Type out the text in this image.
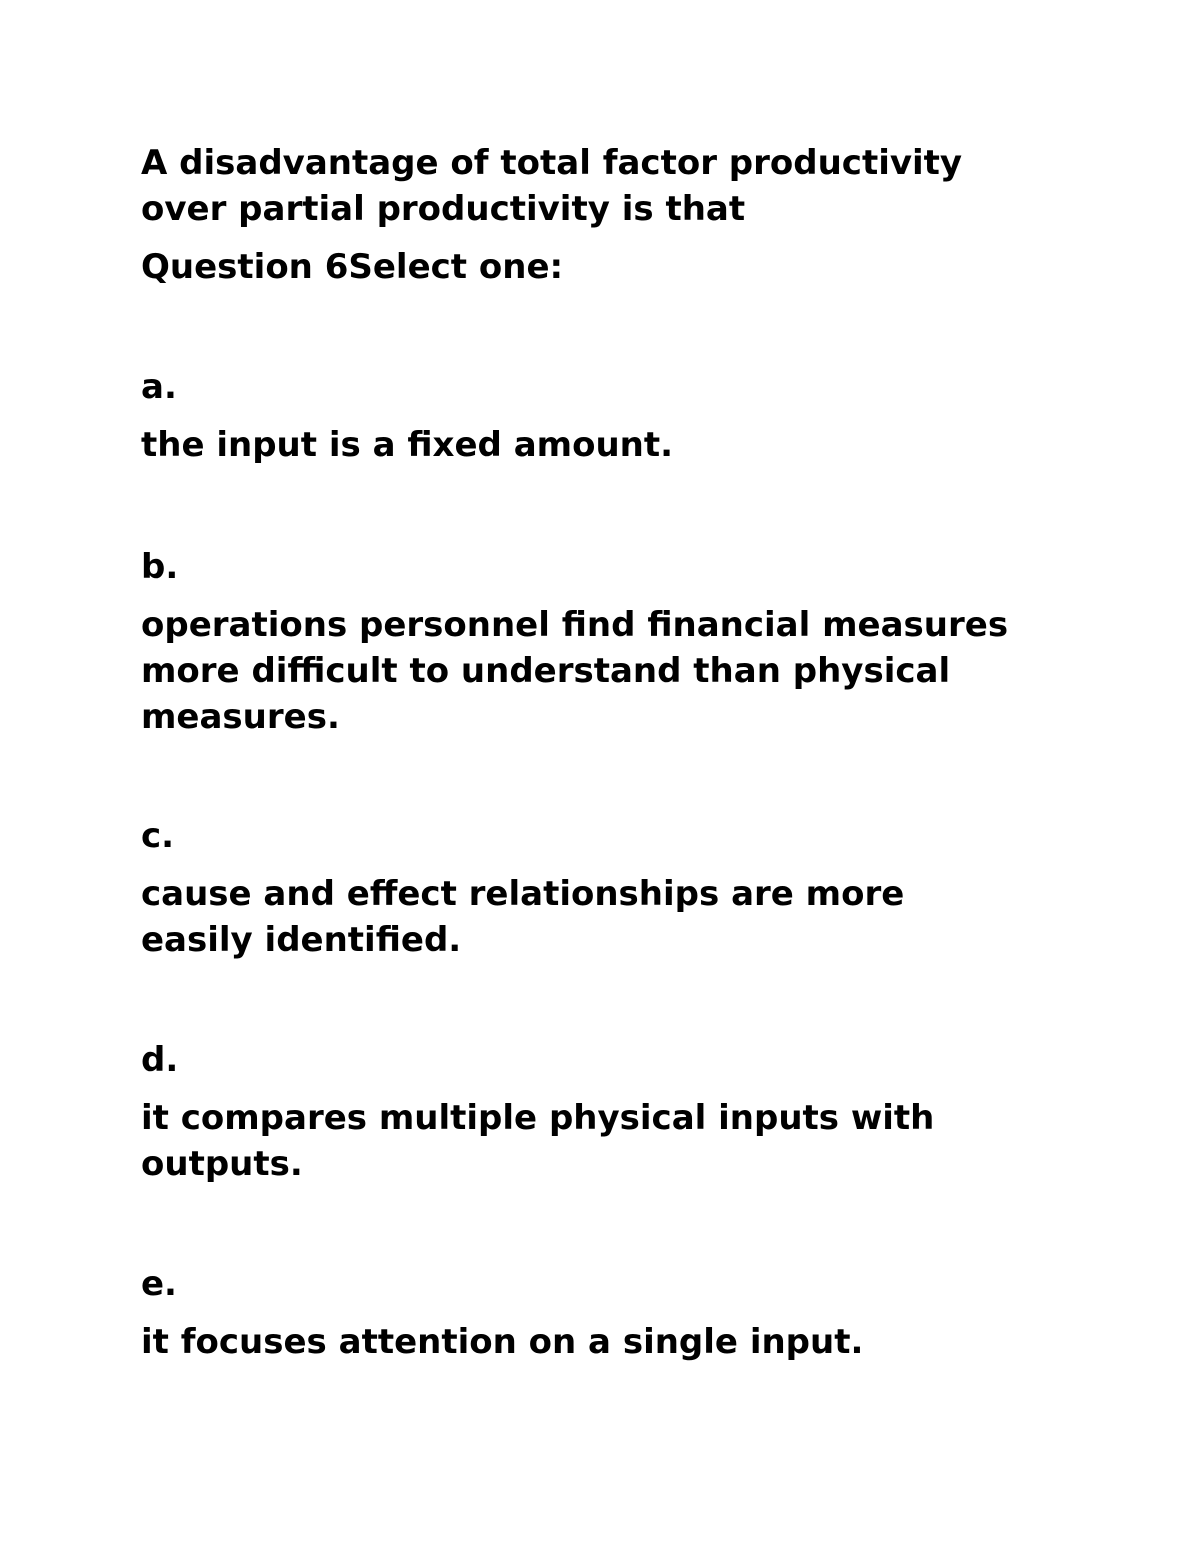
A disadvantage of total factor productivity over partial productivity is that

Question 6Select one:

a.

the input is a fixed amount.

b.

operations personnel find financial measures more difficult to understand than physical measures.

c.

cause and effect relationships are more easily identified.

d.

it compares multiple physical inputs with outputs.

e.

it focuses attention on a single input.
